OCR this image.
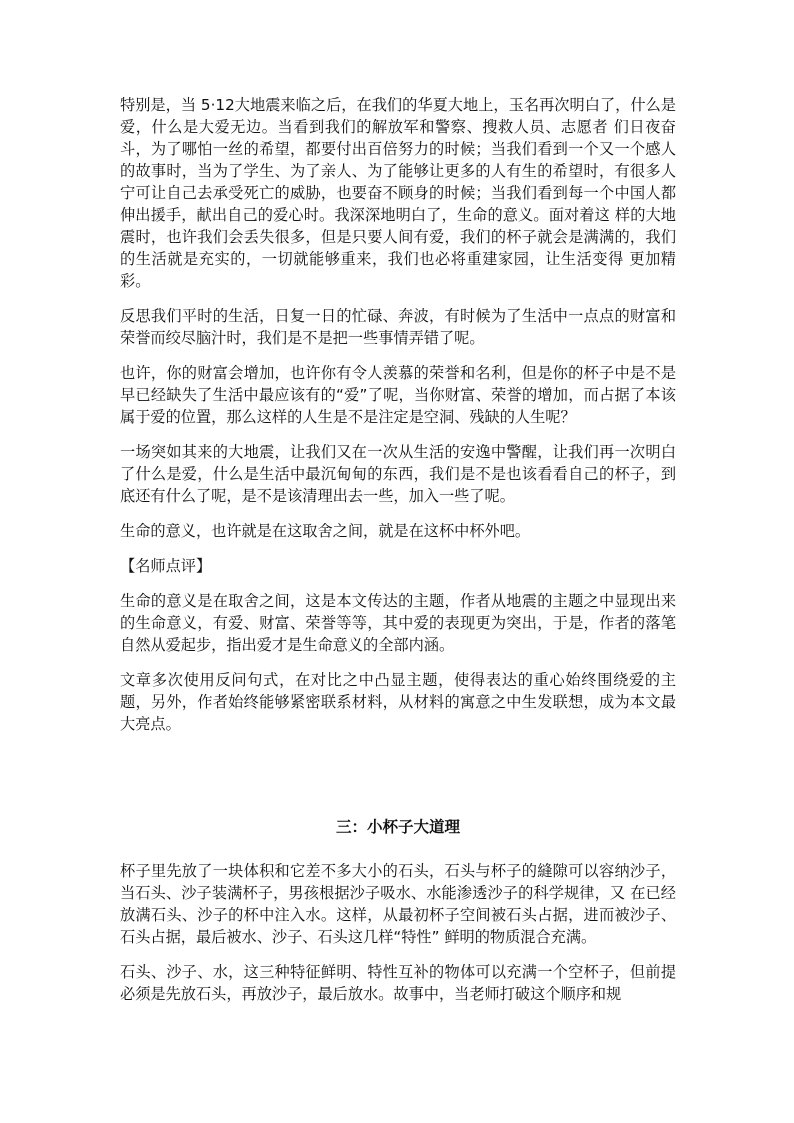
特别是，当 5·12大地震来临之后，在我们的华夏大地上，玉名再次明白了，什么是爱，什么是大爱无边。当看到我们的解放军和警察、搜救人员、志愿者 们日夜奋斗，为了哪怕一丝的希望，都要付出百倍努力的时候；当我们看到一个又一个感人的故事时，当为了学生、为了亲人、为了能够让更多的人有生的希望时，有很多人宁可让自己去承受死亡的威胁，也要奋不顾身的时候；当我们看到每一个中国人都伸出援手，献出自己的爱心时。我深深地明白了，生命的意义。面对着这 样的大地震时，也许我们会丢失很多，但是只要人间有爱，我们的杯子就会是满满的，我们的生活就是充实的，一切就能够重来，我们也必将重建家园，让生活变得 更加精彩。

反思我们平时的生活，日复一日的忙碌、奔波，有时候为了生活中一点点的财富和荣誉而绞尽脑汁时，我们是不是把一些事情弄错了呢。

也许，你的财富会增加，也许你有令人羡慕的荣誉和名利，但是你的杯子中是不是早已经缺失了生活中最应该有的“爱”了呢，当你财富、荣誉的增加，而占据了本该属于爱的位置，那么这样的人生是不是注定是空洞、残缺的人生呢？

一场突如其来的大地震，让我们又在一次从生活的安逸中警醒，让我们再一次明白了什么是爱，什么是生活中最沉甸甸的东西，我们是不是也该看看自己的杯子，到底还有什么了呢，是不是该清理出去一些，加入一些了呢。

生命的意义，也许就是在这取舍之间，就是在这杯中杯外吧。

【名师点评】

生命的意义是在取舍之间，这是本文传达的主题，作者从地震的主题之中显现出来的生命意义，有爱、财富、荣誉等等，其中爱的表现更为突出，于是，作者的落笔自然从爱起步，指出爱才是生命意义的全部内涵。

文章多次使用反问句式，在对比之中凸显主题，使得表达的重心始终围绕爱的主题，另外，作者始终能够紧密联系材料，从材料的寓意之中生发联想，成为本文最大亮点。

三：小杯子大道理

杯子里先放了一块体积和它差不多大小的石头，石头与杯子的縫隙可以容纳沙子，当石头、沙子装满杯子，男孩根据沙子吸水、水能渗透沙子的科学规律，又 在已经放满石头、沙子的杯中注入水。这样，从最初杯子空间被石头占据，进而被沙子、石头占据，最后被水、沙子、石头这几样“特性” 鲜明的物质混合充满。

石头、沙子、水，这三种特征鲜明、特性互补的物体可以充满一个空杯子，但前提必须是先放石头，再放沙子，最后放水。故事中，当老师打破这个顺序和规
